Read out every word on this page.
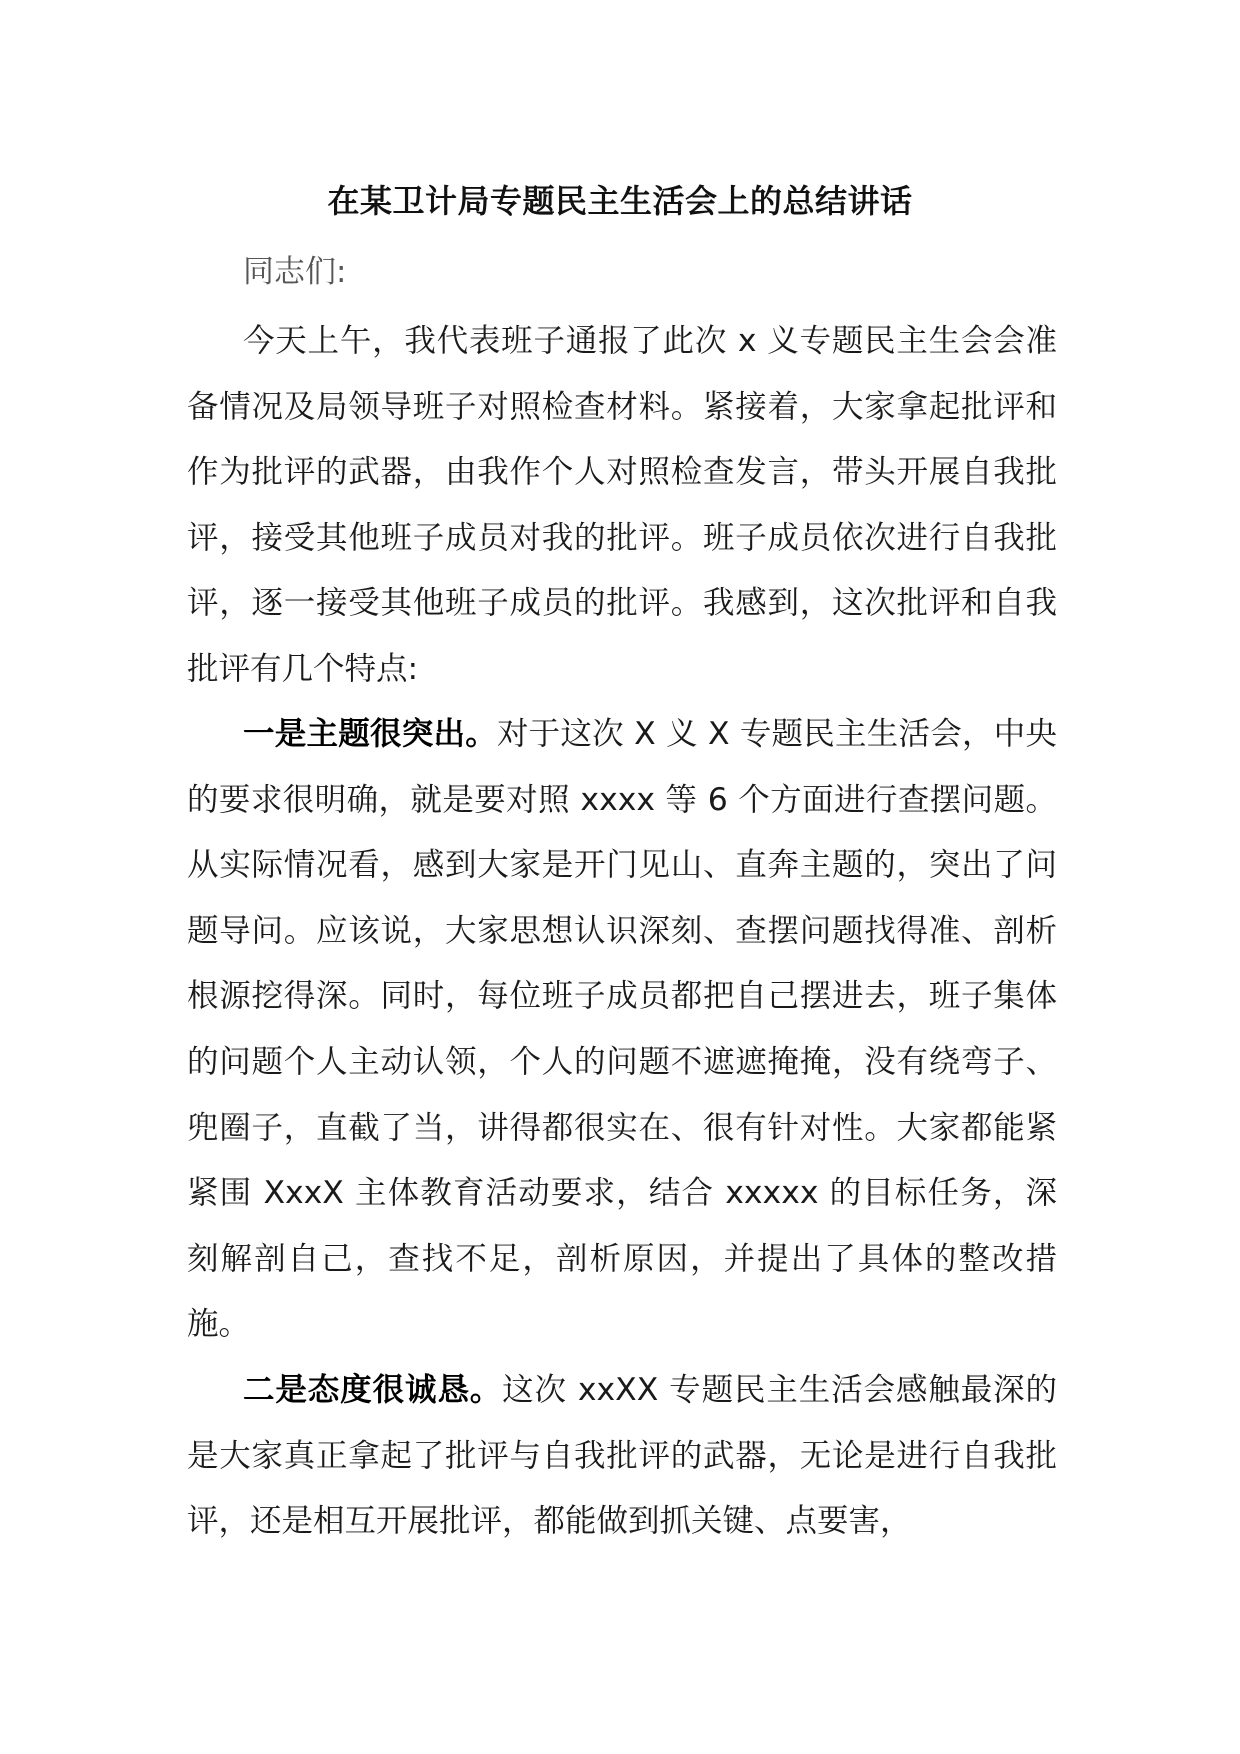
在某卫计局专题民主生活会上的总结讲话
同志们:
今天上午，我代表班子通报了此次 x 义专题民主生会会准备情况及局领导班子对照检查材料。紧接着，大家拿起批评和作为批评的武器，由我作个人对照检查发言，带头开展自我批评，接受其他班子成员对我的批评。班子成员依次进行自我批评，逐一接受其他班子成员的批评。我感到，这次批评和自我批评有几个特点:
一是主题很突出。对于这次 X 义 X 专题民主生活会，中央的要求很明确，就是要对照 xxxx 等 6 个方面进行查摆问题。从实际情况看，感到大家是开门见山、直奔主题的，突出了问题导问。应该说，大家思想认识深刻、查摆问题找得准、剖析根源挖得深。同时，每位班子成员都把自己摆进去，班子集体的问题个人主动认领，个人的问题不遮遮掩掩，没有绕弯子、兜圈子，直截了当，讲得都很实在、很有针对性。大家都能紧紧围 XxxX 主体教育活动要求，结合 xxxxx 的目标任务，深刻解剖自己，查找不足，剖析原因，并提出了具体的整改措施。
二是态度很诚恳。这次 xxXX 专题民主生活会感触最深的是大家真正拿起了批评与自我批评的武器，无论是进行自我批评，还是相互开展批评，都能做到抓关键、点要害，
